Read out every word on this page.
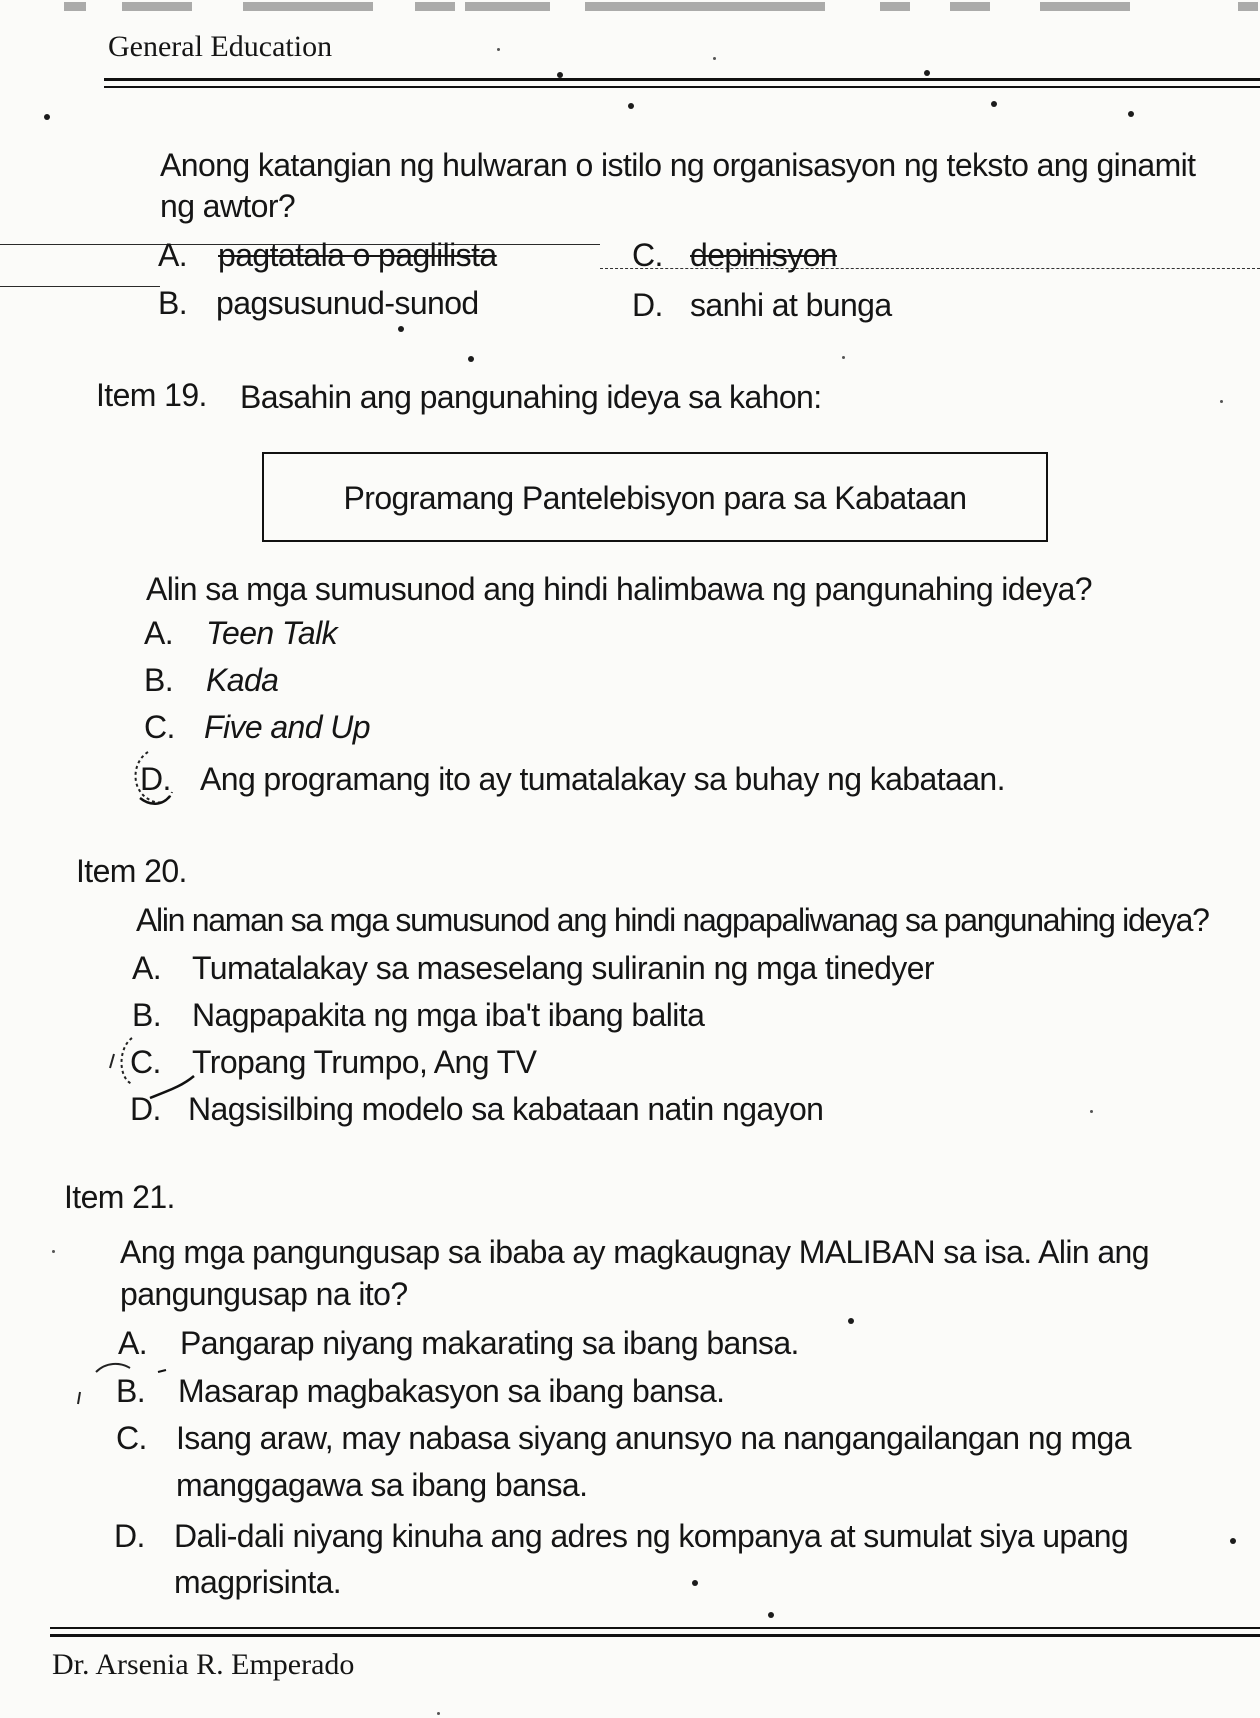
General Education
Anong katangian ng hulwaran o istilo ng organisasyon ng teksto ang ginamit
ng awtor?
A. pagtatala o paglilista	C. depinisyon
B. pagsusunud-sunod	D. sanhi at bunga
Item 19. Basahin ang pangunahing ideya sa kahon:
Programang Pantelebisyon para sa Kabataan
Alin sa mga sumusunod ang hindi halimbawa ng pangunahing ideya?
A. Teen Talk
B. Kada
C. Five and Up
D. Ang programang ito ay tumatalakay sa buhay ng kabataan.
Item 20.
Alin naman sa mga sumusunod ang hindi nagpapaliwanag sa pangunahing ideya?
A. Tumatalakay sa maseselang suliranin ng mga tinedyer
B. Nagpapakita ng mga iba't ibang balita
C. Tropang Trumpo, Ang TV
D. Nagsisilbing modelo sa kabataan natin ngayon
Item 21.
Ang mga pangungusap sa ibaba ay magkaugnay MALIBAN sa isa. Alin ang
pangungusap na ito?
A. Pangarap niyang makarating sa ibang bansa.
B. Masarap magbakasyon sa ibang bansa.
C. Isang araw, may nabasa siyang anunsyo na nangangailangan ng mga
manggagawa sa ibang bansa.
D. Dali-dali niyang kinuha ang adres ng kompanya at sumulat siya upang
magprisinta.
Dr. Arsenia R. Emperado
